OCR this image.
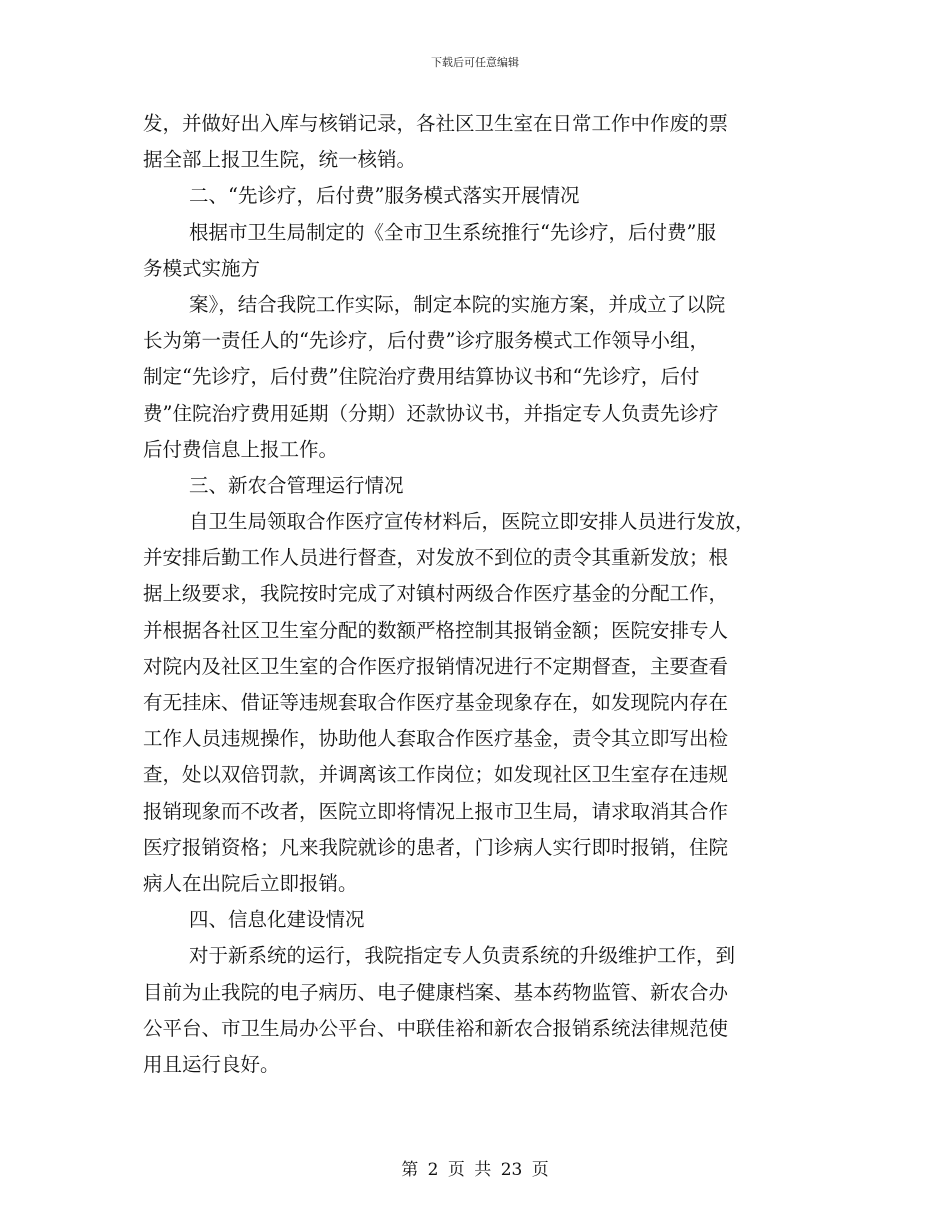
下载后可任意编辑
发，并做好出入库与核销记录，各社区卫生室在日常工作中作废的票
据全部上报卫生院，统一核销。
二、“先诊疗，后付费”服务模式落实开展情况
根据市卫生局制定的《全市卫生系统推行“先诊疗，后付费”服
务模式实施方
案》，结合我院工作实际，制定本院的实施方案，并成立了以院
长为第一责任人的“先诊疗，后付费”诊疗服务模式工作领导小组，
制定“先诊疗，后付费”住院治疗费用结算协议书和“先诊疗，后付
费”住院治疗费用延期（分期）还款协议书，并指定专人负责先诊疗
后付费信息上报工作。
三、新农合管理运行情况
自卫生局领取合作医疗宣传材料后，医院立即安排人员进行发放，
并安排后勤工作人员进行督查，对发放不到位的责令其重新发放；根
据上级要求，我院按时完成了对镇村两级合作医疗基金的分配工作，
并根据各社区卫生室分配的数额严格控制其报销金额；医院安排专人
对院内及社区卫生室的合作医疗报销情况进行不定期督查，主要查看
有无挂床、借证等违规套取合作医疗基金现象存在，如发现院内存在
工作人员违规操作，协助他人套取合作医疗基金，责令其立即写出检
查，处以双倍罚款，并调离该工作岗位；如发现社区卫生室存在违规
报销现象而不改者，医院立即将情况上报市卫生局，请求取消其合作
医疗报销资格；凡来我院就诊的患者，门诊病人实行即时报销，住院
病人在出院后立即报销。
四、信息化建设情况
对于新系统的运行，我院指定专人负责系统的升级维护工作，到
目前为止我院的电子病历、电子健康档案、基本药物监管、新农合办
公平台、市卫生局办公平台、中联佳裕和新农合报销系统法律规范使
用且运行良好。
第 2 页 共 23 页
